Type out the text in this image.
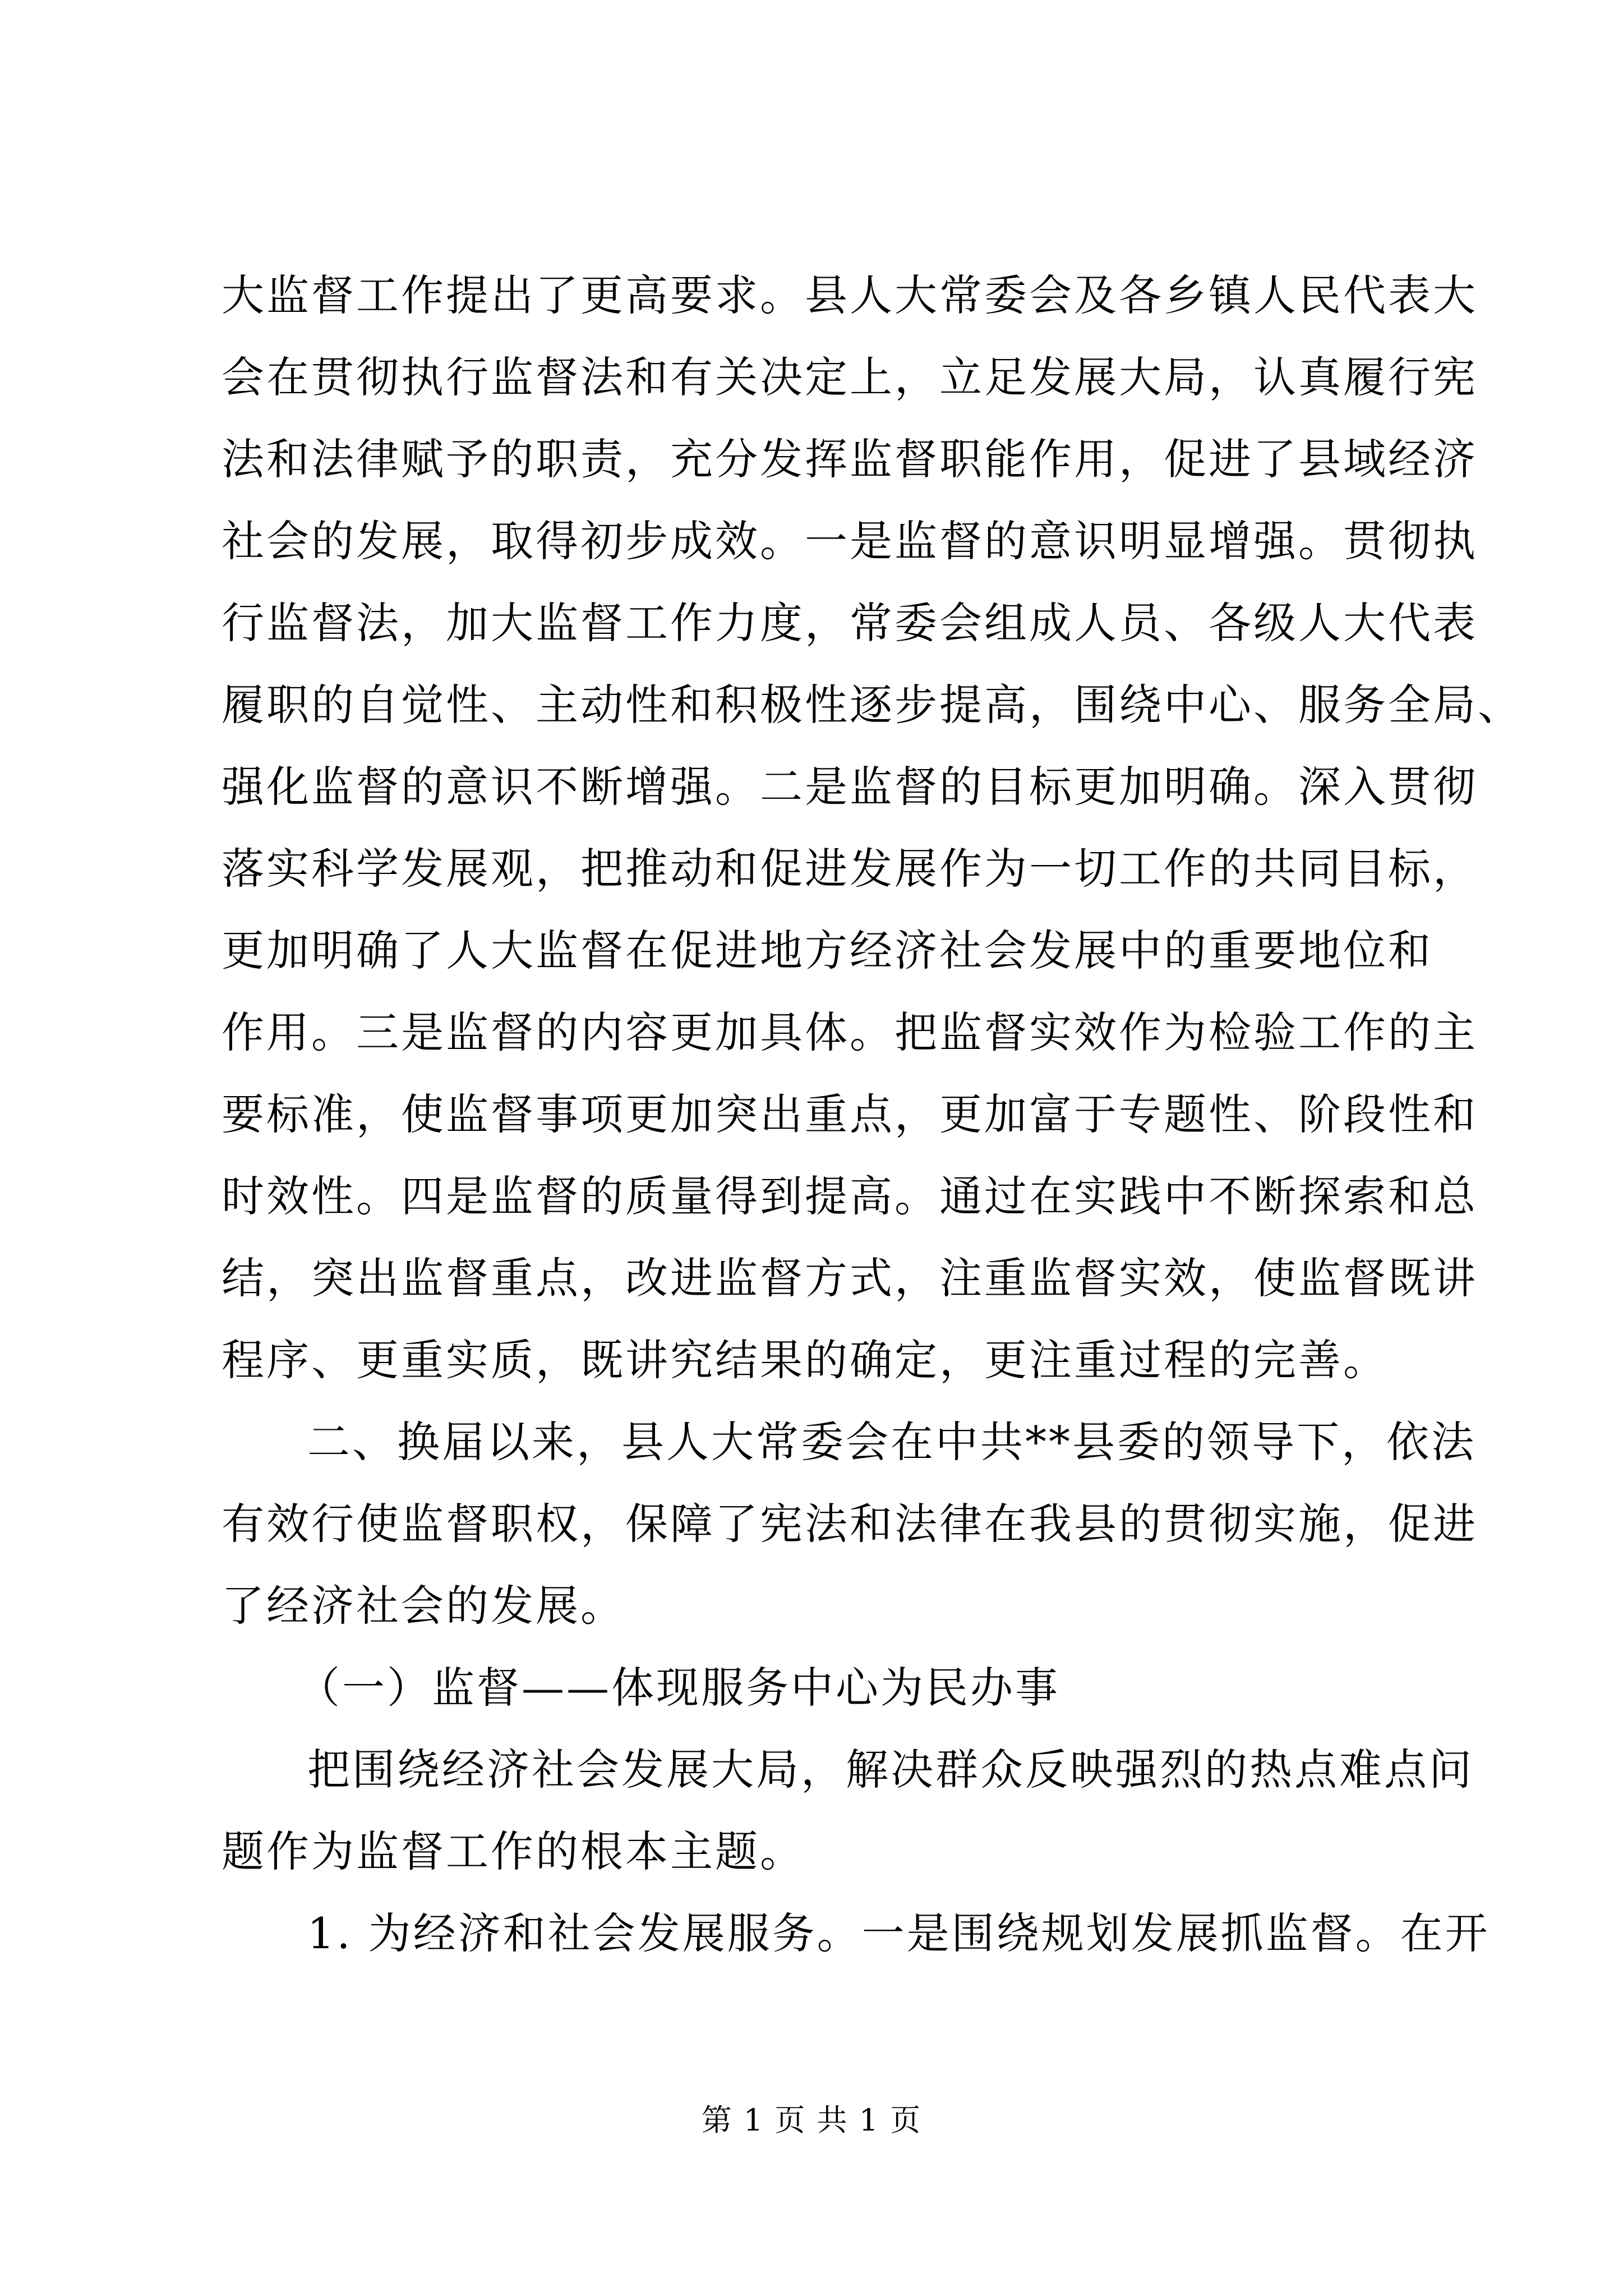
大监督工作提出了更高要求。县人大常委会及各乡镇人民代表大
会在贯彻执行监督法和有关决定上，立足发展大局，认真履行宪
法和法律赋予的职责，充分发挥监督职能作用，促进了县域经济
社会的发展，取得初步成效。一是监督的意识明显增强。贯彻执
行监督法，加大监督工作力度，常委会组成人员、各级人大代表
履职的自觉性、主动性和积极性逐步提高，围绕中心、服务全局、
强化监督的意识不断增强。二是监督的目标更加明确。深入贯彻
落实科学发展观，把推动和促进发展作为一切工作的共同目标，
更加明确了人大监督在促进地方经济社会发展中的重要地位和
作用。三是监督的内容更加具体。把监督实效作为检验工作的主
要标准，使监督事项更加突出重点，更加富于专题性、阶段性和
时效性。四是监督的质量得到提高。通过在实践中不断探索和总
结，突出监督重点，改进监督方式，注重监督实效，使监督既讲
程序、更重实质，既讲究结果的确定，更注重过程的完善。
二、换届以来，县人大常委会在中共**县委的领导下，依法
有效行使监督职权，保障了宪法和法律在我县的贯彻实施，促进
了经济社会的发展。
（一）监督——体现服务中心为民办事
把围绕经济社会发展大局，解决群众反映强烈的热点难点问
题作为监督工作的根本主题。
1. 为经济和社会发展服务。一是围绕规划发展抓监督。在开
第 1 页 共 1 页
